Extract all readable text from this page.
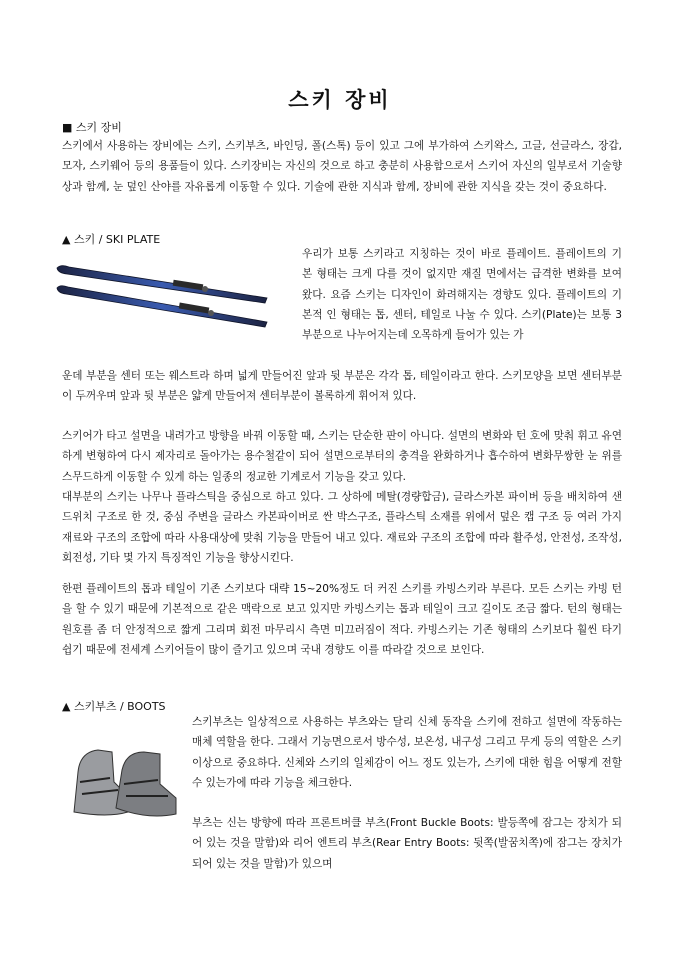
스키 장비
■ 스키 장비

스키에서 사용하는 장비에는 스키, 스키부츠, 바인딩, 폴(스톡) 등이 있고 그에 부가하여 스키왁스, 고글, 선글라스, 장갑, 모자, 스키웨어 등의 용품들이 있다. 스키장비는 자신의 것으로 하고 충분히 사용함으로서 스키어 자신의 일부로서 기술향상과 함께, 눈 덮인 산야를 자유롭게 이동할 수 있다. 기술에 관한 지식과 함께, 장비에 관한 지식을 갖는 것이 중요하다.

▲ 스키 / SKI PLATE

우리가 보통 스키라고 지칭하는 것이 바로 플레이트. 플레이트의 기 본 형태는 크게 다를 것이 없지만 재질 면에서는 급격한 변화를 보여왔다. 요즘 스키는 디자인이 화려해지는 경향도 있다. 플레이트의 기본적 인 형태는 톱, 센터, 테일로 나눌 수 있다. 스키(Plate)는 보통 3부분으로 나누어지는데 오목하게 들어가 있는 가

운데 부분을 센터 또는 웨스트라 하며 넓게 만들어진 앞과 뒷 부분은 각각 톱, 테일이라고 한다. 스키모양을 보면 센터부분이 두꺼우며 앞과 뒷 부분은 얇게 만들어져 센터부분이 볼록하게 휘어져 있다.

스키어가 타고 설면을 내려가고 방향을 바꿔 이동할 때, 스키는 단순한 판이 아니다. 설면의 변화와 턴 호에 맞춰 휘고 유연하게 변형하여 다시 제자리로 돌아가는 용수철같이 되어 설면으로부터의 충격을 완화하거나 흡수하여 변화무쌍한 눈 위를 스무드하게 이동할 수 있게 하는 일종의 정교한 기계로서 기능을 갖고 있다.

대부분의 스키는 나무나 플라스틱을 중심으로 하고 있다. 그 상하에 메탈(경량합금), 글라스카본 파이버 등을 배치하여 샌드위치 구조로 한 것, 중심 주변을 글라스 카본파이버로 싼 박스구조, 플라스틱 소재를 위에서 덮은 캡 구조 등 여러 가지 재료와 구조의 조합에 따라 사용대상에 맞춰 기능을 만들어 내고 있다. 재료와 구조의 조합에 따라 활주성, 안전성, 조작성, 회전성, 기타 몇 가지 특징적인 기능을 향상시킨다.

한편 플레이트의 톱과 테일이 기존 스키보다 대략 15~20%정도 더 커진 스키를 카빙스키라 부른다. 모든 스키는 카빙 턴을 할 수 있기 때문에 기본적으로 같은 맥락으로 보고 있지만 카빙스키는 톱과 테일이 크고 길이도 조금 짧다. 턴의 형태는 원호를 좀 더 안정적으로 짧게 그리며 회전 마무리시 측면 미끄러짐이 적다. 카빙스키는 기존 형태의 스키보다 훨씬 타기 쉽기 때문에 전세계 스키어들이 많이 즐기고 있으며 국내 경향도 이를 따라갈 것으로 보인다.

▲ 스키부츠 / BOOTS

스키부츠는 일상적으로 사용하는 부츠와는 달리 신체 동작을 스키에 전하고 설면에 작동하는 매체 역할을 한다. 그래서 기능면으로서 방수성, 보온성, 내구성 그리고 무게 등의 역할은 스키 이상으로 중요하다. 신체와 스키의 일체감이 어느 정도 있는가, 스키에 대한 힘을 어떻게 전할 수 있는가에 따라 기능을 체크한다.

부츠는 신는 방향에 따라 프론트버클 부츠(Front Buckle Boots: 발등쪽에 잠그는 장치가 되어 있는 것을 말함)와 리어 엔트리 부츠(Rear Entry Boots: 뒷쪽(발꿈치쪽)에 잠그는 장치가 되어 있는 것을 말함)가 있으며
